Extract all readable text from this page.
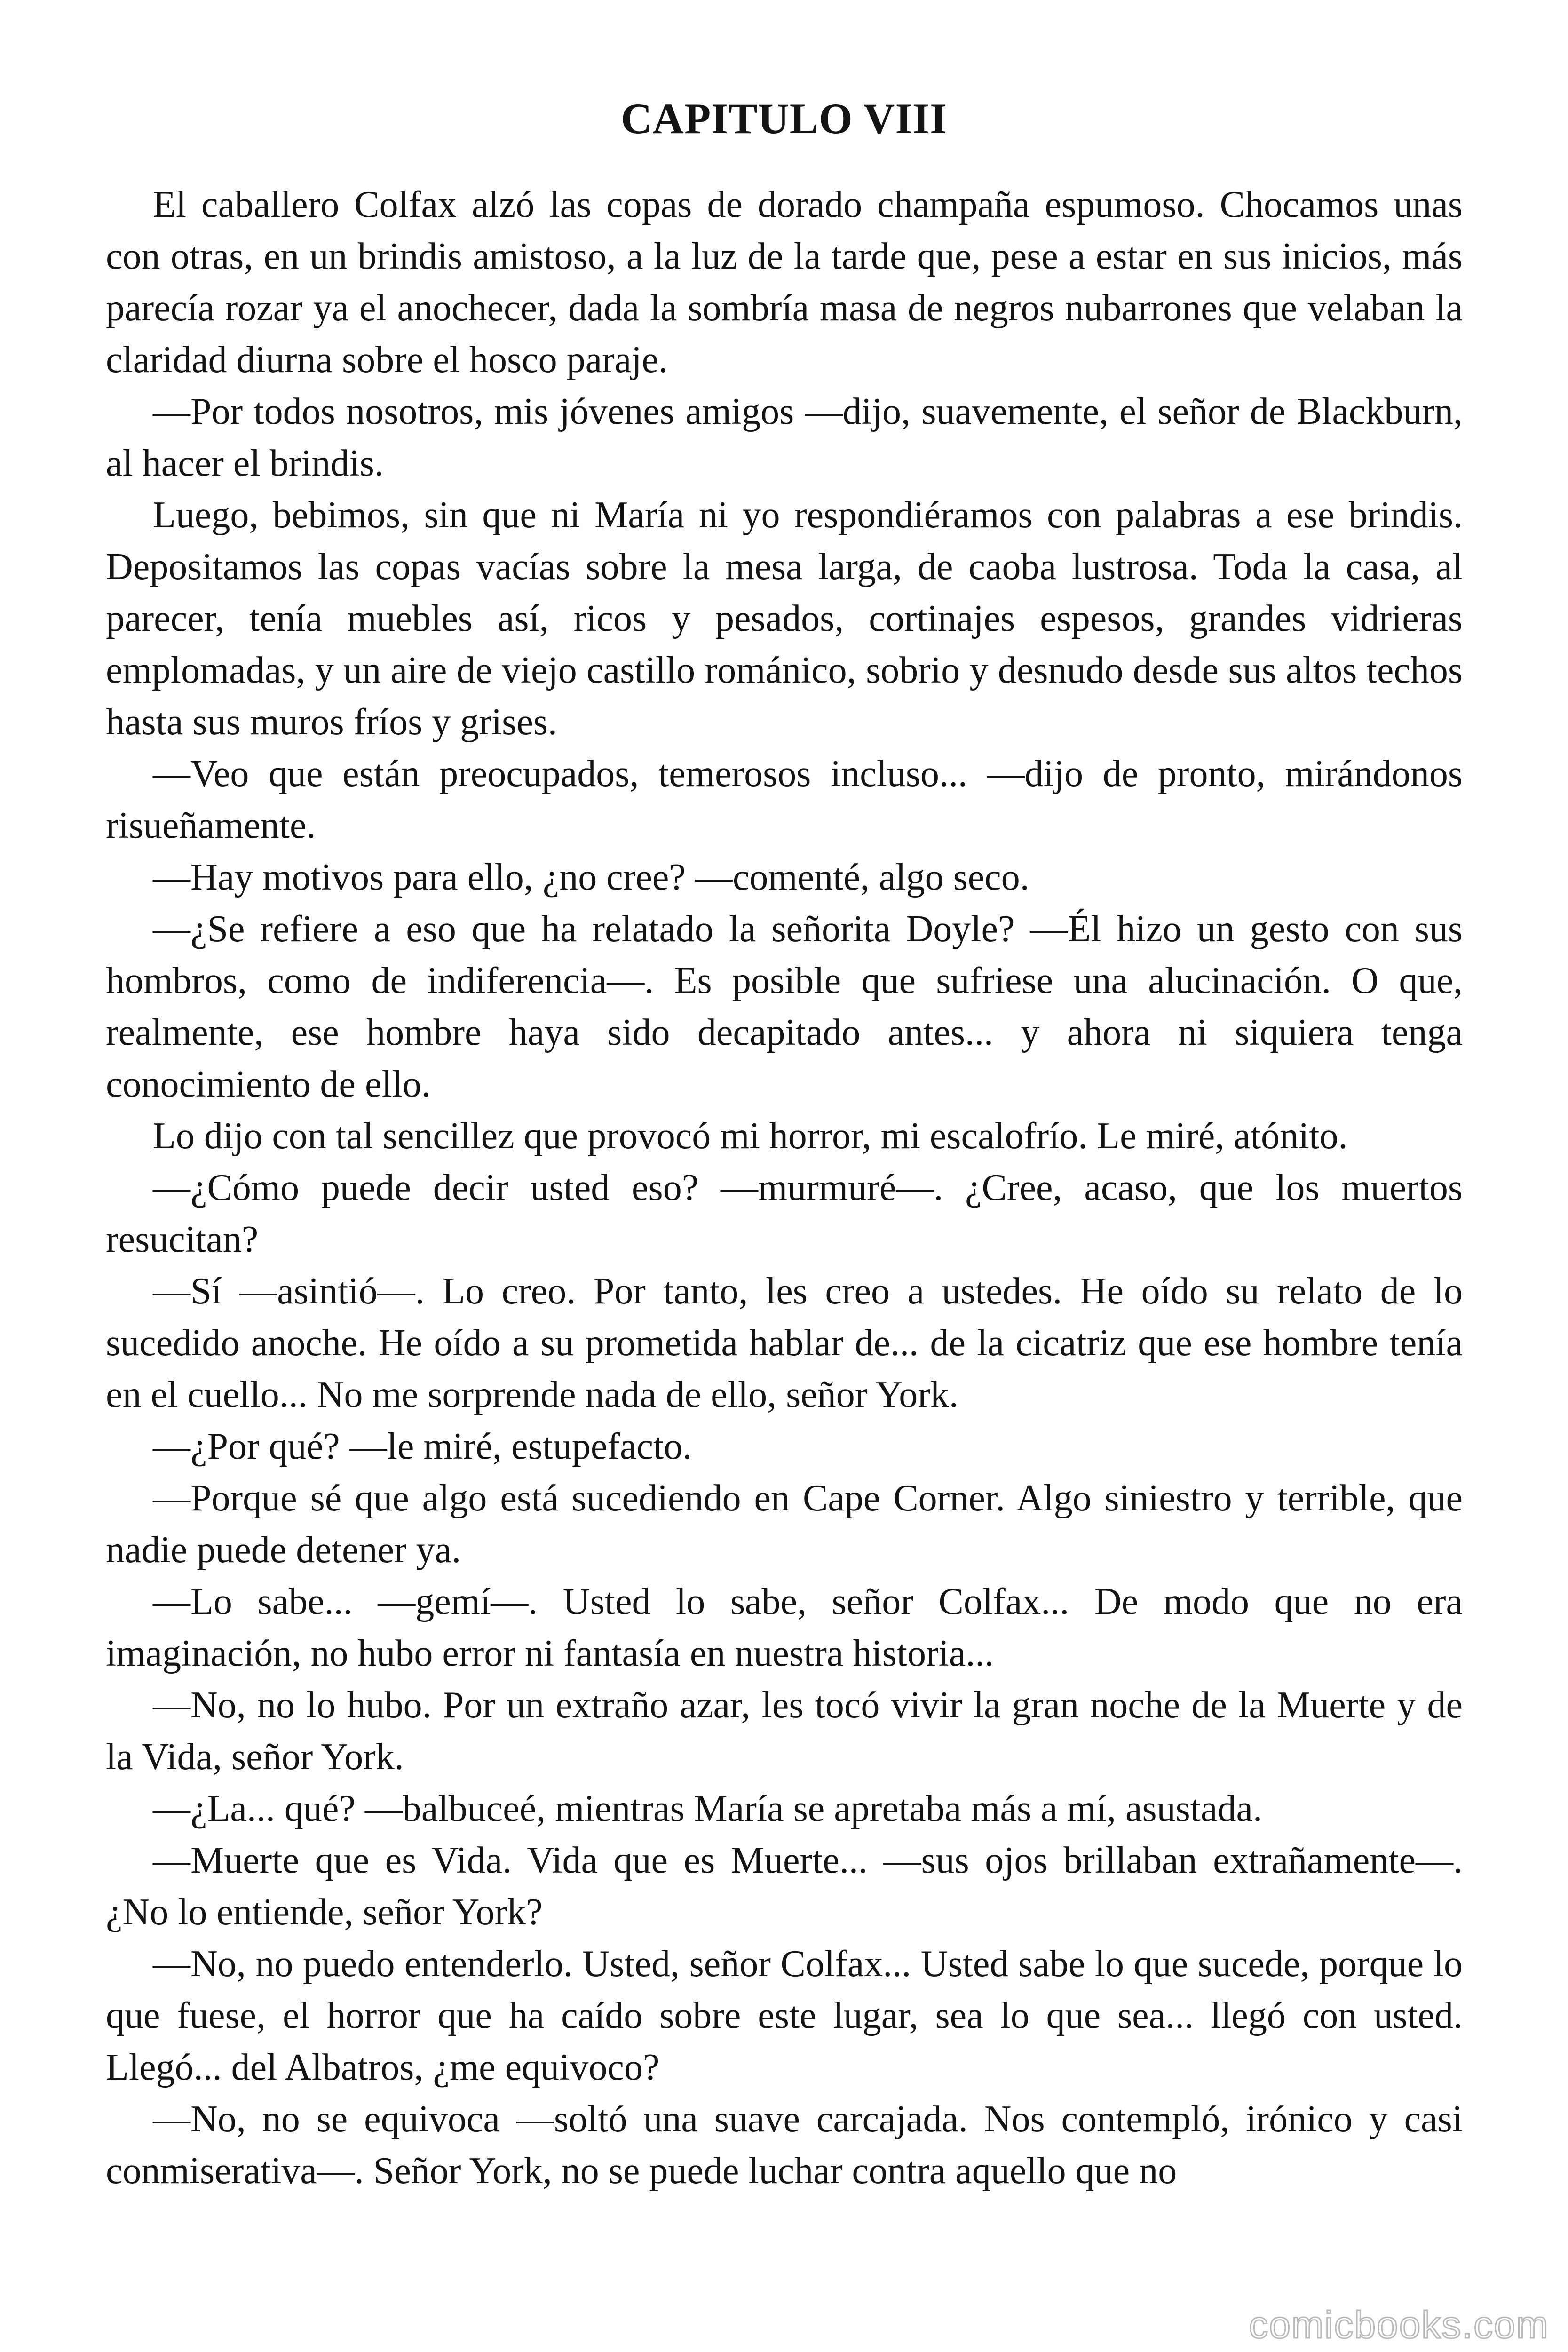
CAPITULO VIII

El caballero Colfax alzó las copas de dorado champaña espumoso. Chocamos unas con otras, en un brindis amistoso, a la luz de la tarde que, pese a estar en sus inicios, más parecía rozar ya el anochecer, dada la sombría masa de negros nubarrones que velaban la claridad diurna sobre el hosco paraje.

—Por todos nosotros, mis jóvenes amigos —dijo, suavemente, el señor de Blackburn, al hacer el brindis.

Luego, bebimos, sin que ni María ni yo respondiéramos con palabras a ese brindis. Depositamos las copas vacías sobre la mesa larga, de caoba lustrosa. Toda la casa, al parecer, tenía muebles así, ricos y pesados, cortinajes espesos, grandes vidrieras emplomadas, y un aire de viejo castillo románico, sobrio y desnudo desde sus altos techos hasta sus muros fríos y grises.

—Veo que están preocupados, temerosos incluso... —dijo de pronto, mirándonos risueñamente.

—Hay motivos para ello, ¿no cree? —comenté, algo seco.

—¿Se refiere a eso que ha relatado la señorita Doyle? —Él hizo un gesto con sus hombros, como de indiferencia—. Es posible que sufriese una alucinación. O que, realmente, ese hombre haya sido decapitado antes... y ahora ni siquiera tenga conocimiento de ello.

Lo dijo con tal sencillez que provocó mi horror, mi escalofrío. Le miré, atónito.

—¿Cómo puede decir usted eso? —murmuré—. ¿Cree, acaso, que los muertos resucitan?

—Sí —asintió—. Lo creo. Por tanto, les creo a ustedes. He oído su relato de lo sucedido anoche. He oído a su prometida hablar de... de la cicatriz que ese hombre tenía en el cuello... No me sorprende nada de ello, señor York.

—¿Por qué? —le miré, estupefacto.

—Porque sé que algo está sucediendo en Cape Corner. Algo siniestro y terrible, que nadie puede detener ya.

—Lo sabe... —gemí—. Usted lo sabe, señor Colfax... De modo que no era imaginación, no hubo error ni fantasía en nuestra historia...

—No, no lo hubo. Por un extraño azar, les tocó vivir la gran noche de la Muerte y de la Vida, señor York.

—¿La... qué? —balbuceé, mientras María se apretaba más a mí, asustada.

—Muerte que es Vida. Vida que es Muerte... —sus ojos brillaban extrañamente—. ¿No lo entiende, señor York?

—No, no puedo entenderlo. Usted, señor Colfax... Usted sabe lo que sucede, porque lo que fuese, el horror que ha caído sobre este lugar, sea lo que sea... llegó con usted. Llegó... del Albatros, ¿me equivoco?

—No, no se equivoca —soltó una suave carcajada. Nos contempló, irónico y casi conmiserativa—. Señor York, no se puede luchar contra aquello que no

comicbooks.com
